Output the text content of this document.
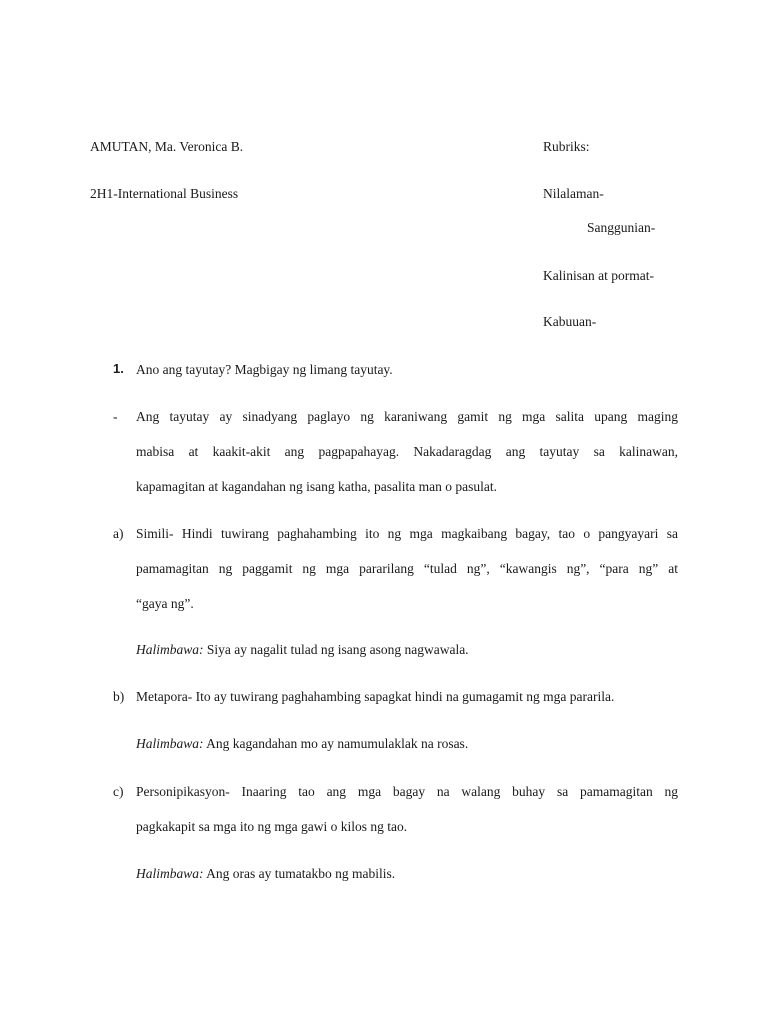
AMUTAN, Ma. Veronica B.
2H1-International Business
Rubriks:
Nilalaman-
Sanggunian-
Kalinisan at pormat-
Kabuuan-
1. Ano ang tayutay? Magbigay ng limang tayutay.
- Ang tayutay ay sinadyang paglayo ng karaniwang gamit ng mga salita upang maging
mabisa at kaakit-akit ang pagpapahayag. Nakadaragdag ang tayutay sa kalinawan,
kapamagitan at kagandahan ng isang katha, pasalita man o pasulat.
a) Simili- Hindi tuwirang paghahambing ito ng mga magkaibang bagay, tao o pangyayari sa
pamamagitan ng paggamit ng mga pararilang “tulad ng”, “kawangis ng”, “para ng” at
“gaya ng”.
Halimbawa: Siya ay nagalit tulad ng isang asong nagwawala.
b) Metapora- Ito ay tuwirang paghahambing sapagkat hindi na gumagamit ng mga pararila.
Halimbawa: Ang kagandahan mo ay namumulaklak na rosas.
c) Personipikasyon- Inaaring tao ang mga bagay na walang buhay sa pamamagitan ng
pagkakapit sa mga ito ng mga gawi o kilos ng tao.
Halimbawa: Ang oras ay tumatakbo ng mabilis.
